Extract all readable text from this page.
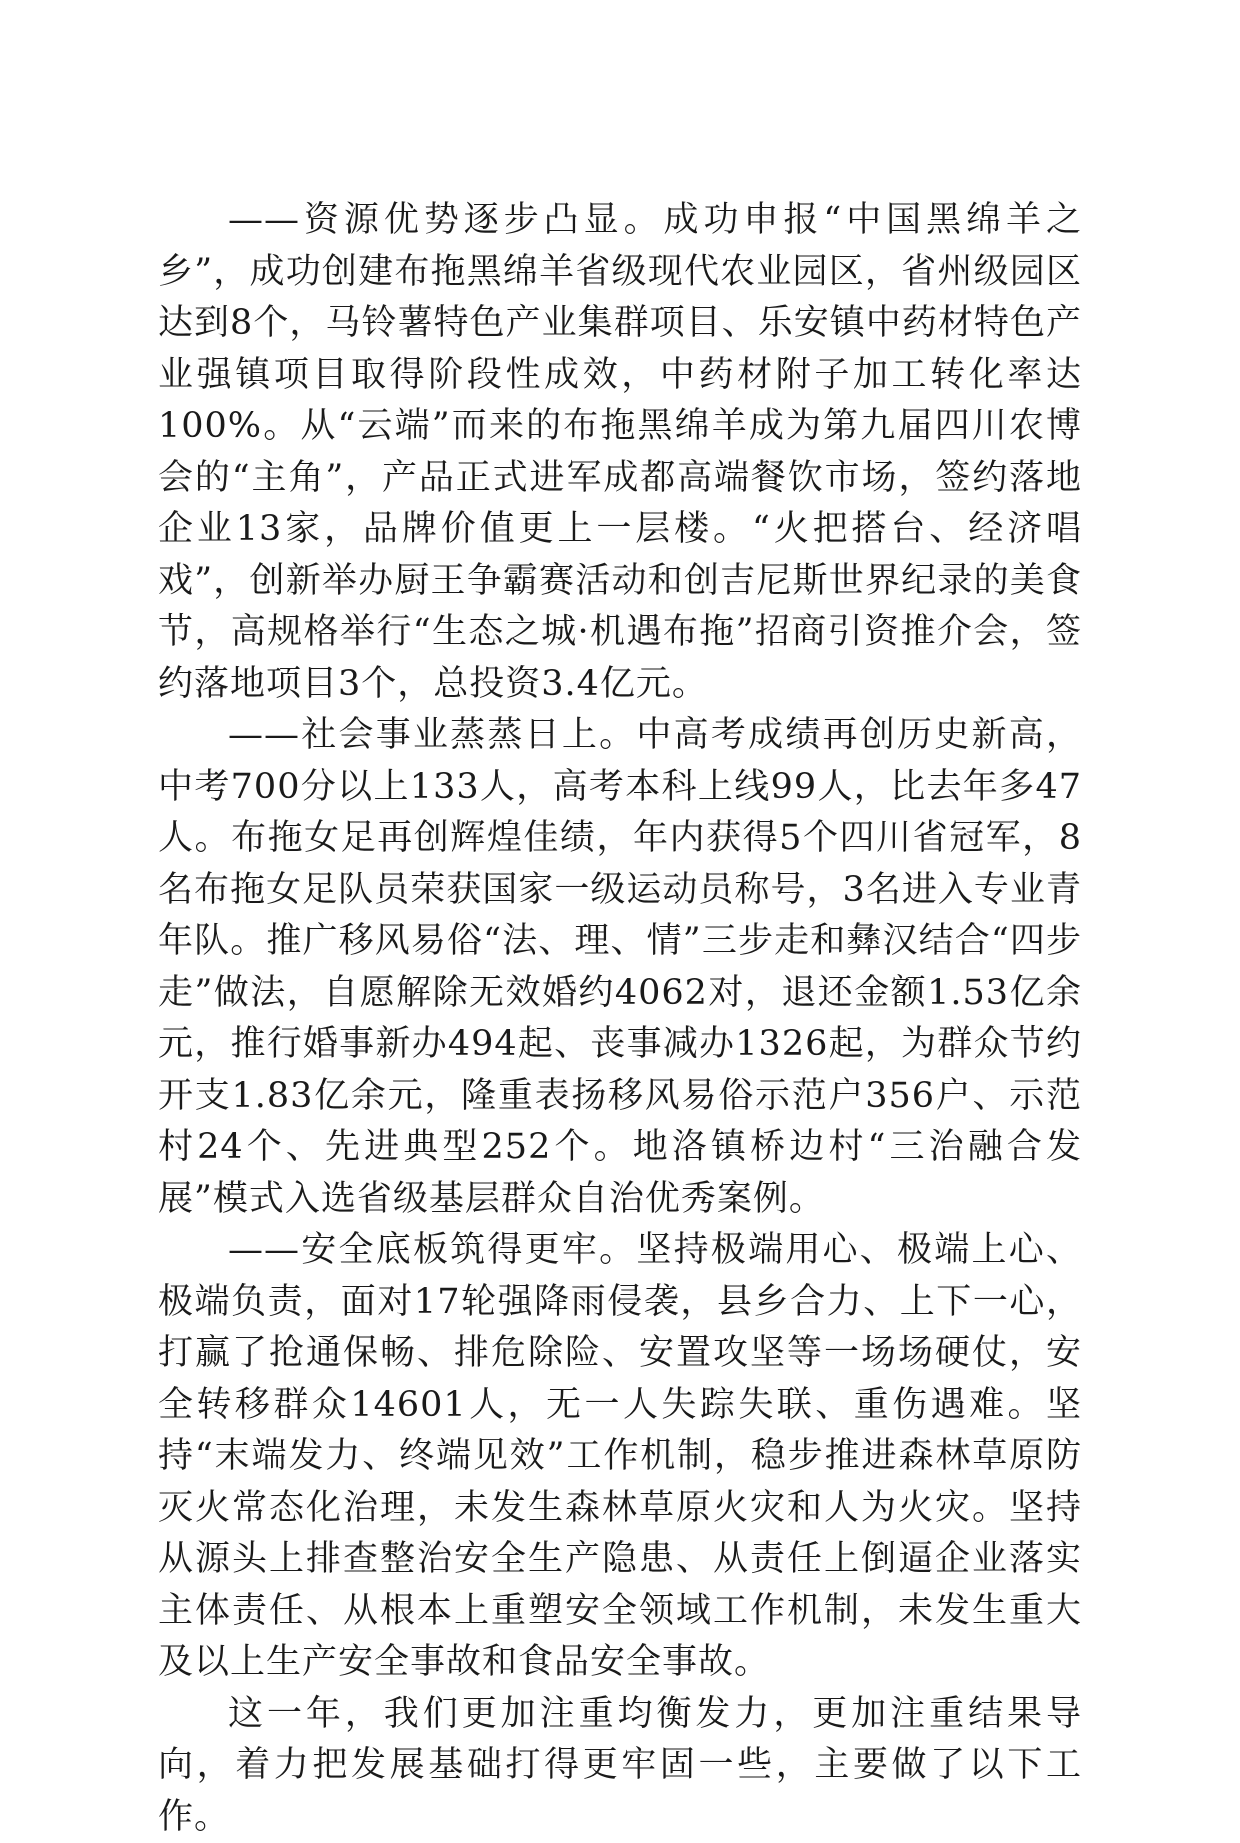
——资源优势逐步凸显。成功申报“中国黑绵羊之乡”，成功创建布拖黑绵羊省级现代农业园区，省州级园区达到8个，马铃薯特色产业集群项目、乐安镇中药材特色产业强镇项目取得阶段性成效，中药材附子加工转化率达100%。从“云端”而来的布拖黑绵羊成为第九届四川农博会的“主角”，产品正式进军成都高端餐饮市场，签约落地企业13家，品牌价值更上一层楼。“火把搭台、经济唱戏”，创新举办厨王争霸赛活动和创吉尼斯世界纪录的美食节，高规格举行“生态之城·机遇布拖”招商引资推介会，签约落地项目3个，总投资3.4亿元。

——社会事业蒸蒸日上。中高考成绩再创历史新高，中考700分以上133人，高考本科上线99人，比去年多47人。布拖女足再创辉煌佳绩，年内获得5个四川省冠军，8名布拖女足队员荣获国家一级运动员称号，3名进入专业青年队。推广移风易俗“法、理、情”三步走和彝汉结合“四步走”做法，自愿解除无效婚约4062对，退还金额1.53亿余元，推行婚事新办494起、丧事减办1326起，为群众节约开支1.83亿余元，隆重表扬移风易俗示范户356户、示范村24个、先进典型252个。地洛镇桥边村“三治融合发展”模式入选省级基层群众自治优秀案例。

——安全底板筑得更牢。坚持极端用心、极端上心、极端负责，面对17轮强降雨侵袭，县乡合力、上下一心，打赢了抢通保畅、排危除险、安置攻坚等一场场硬仗，安全转移群众14601人，无一人失踪失联、重伤遇难。坚持“末端发力、终端见效”工作机制，稳步推进森林草原防灭火常态化治理，未发生森林草原火灾和人为火灾。坚持从源头上排查整治安全生产隐患、从责任上倒逼企业落实主体责任、从根本上重塑安全领域工作机制，未发生重大及以上生产安全事故和食品安全事故。

这一年，我们更加注重均衡发力，更加注重结果导向，着力把发展基础打得更牢固一些，主要做了以下工作。
